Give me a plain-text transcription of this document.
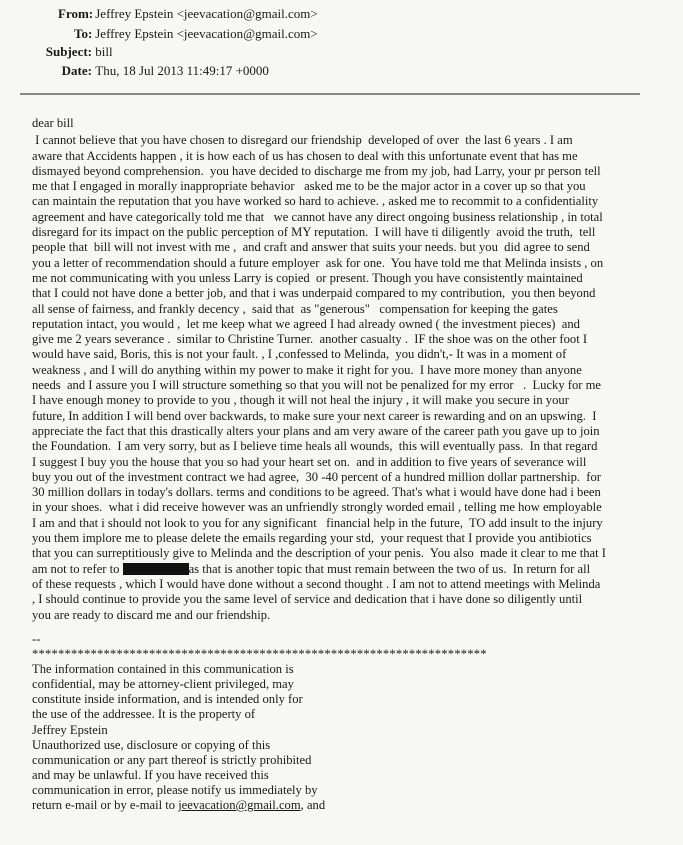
From: Jeffrey Epstein <jeevacation@gmail.com>
To: Jeffrey Epstein <jeevacation@gmail.com>
Subject: bill
Date: Thu, 18 Jul 2013 11:49:17 +0000
dear bill
I cannot believe that you have chosen to disregard our friendship  developed of over  the last 6 years . I am
aware that Accidents happen , it is how each of us has chosen to deal with this unfortunate event that has me
dismayed beyond comprehension.  you have decided to discharge me from my job, had Larry, your pr person tell
me that I engaged in morally inappropriate behavior   asked me to be the major actor in a cover up so that you
can maintain the reputation that you have worked so hard to achieve. , asked me to recommit to a confidentiality
agreement and have categorically told me that   we cannot have any direct ongoing business relationship , in total
disregard for its impact on the public perception of MY reputation.  I will have ti diligently  avoid the truth,  tell
people that  bill will not invest with me ,  and craft and answer that suits your needs. but you  did agree to send
you a letter of recommendation should a future employer  ask for one.  You have told me that Melinda insists , on
me not communicating with you unless Larry is copied  or present. Though you have consistently maintained
that I could not have done a better job, and that i was underpaid compared to my contribution,  you then beyond
all sense of fairness, and frankly decency ,  said that  as "generous"   compensation for keeping the gates
reputation intact, you would ,  let me keep what we agreed I had already owned ( the investment pieces)  and
give me 2 years severance .  similar to Christine Turner.  another casualty .  IF the shoe was on the other foot I
would have said, Boris, this is not your fault. , I ,confessed to Melinda,  you didn't,- It was in a moment of
weakness , and I will do anything within my power to make it right for you.  I have more money than anyone
needs  and I assure you I will structure something so that you will not be penalized for my error   .  Lucky for me
I have enough money to provide to you , though it will not heal the injury , it will make you secure in your
future, In addition I will bend over backwards, to make sure your next career is rewarding and on an upswing.  I
appreciate the fact that this drastically alters your plans and am very aware of the career path you gave up to join
the Foundation.  I am very sorry, but as I believe time heals all wounds,  this will eventually pass.  In that regard
I suggest I buy you the house that you so had your heart set on.  and in addition to five years of severance will
buy you out of the investment contract we had agree,  30 -40 percent of a hundred million dollar partnership.  for
30 million dollars in today's dollars. terms and conditions to be agreed. That's what i would have done had i been
in your shoes.  what i did receive however was an unfriendly strongly worded email , telling me how employable
I am and that i should not look to you for any significant   financial help in the future,  TO add insult to the injury
you them implore me to please delete the emails regarding your std,  your request that I provide you antibiotics
that you can surreptitiously give to Melinda and the description of your penis.  You also  made it clear to me that I
am not to refer to	as that is another topic that must remain between the two of us.  In return for all
of these requests , which I would have done without a second thought . I am not to attend meetings with Melinda
, I should continue to provide you the same level of service and dedication that i have done so diligently until
you are ready to discard me and our friendship.
--
**********************************************************************
The information contained in this communication is
confidential, may be attorney-client privileged, may
constitute inside information, and is intended only for
the use of the addressee. It is the property of
Jeffrey Epstein
Unauthorized use, disclosure or copying of this
communication or any part thereof is strictly prohibited
and may be unlawful. If you have received this
communication in error, please notify us immediately by
return e-mail or by e-mail to jeevacation@gmail.com, and
